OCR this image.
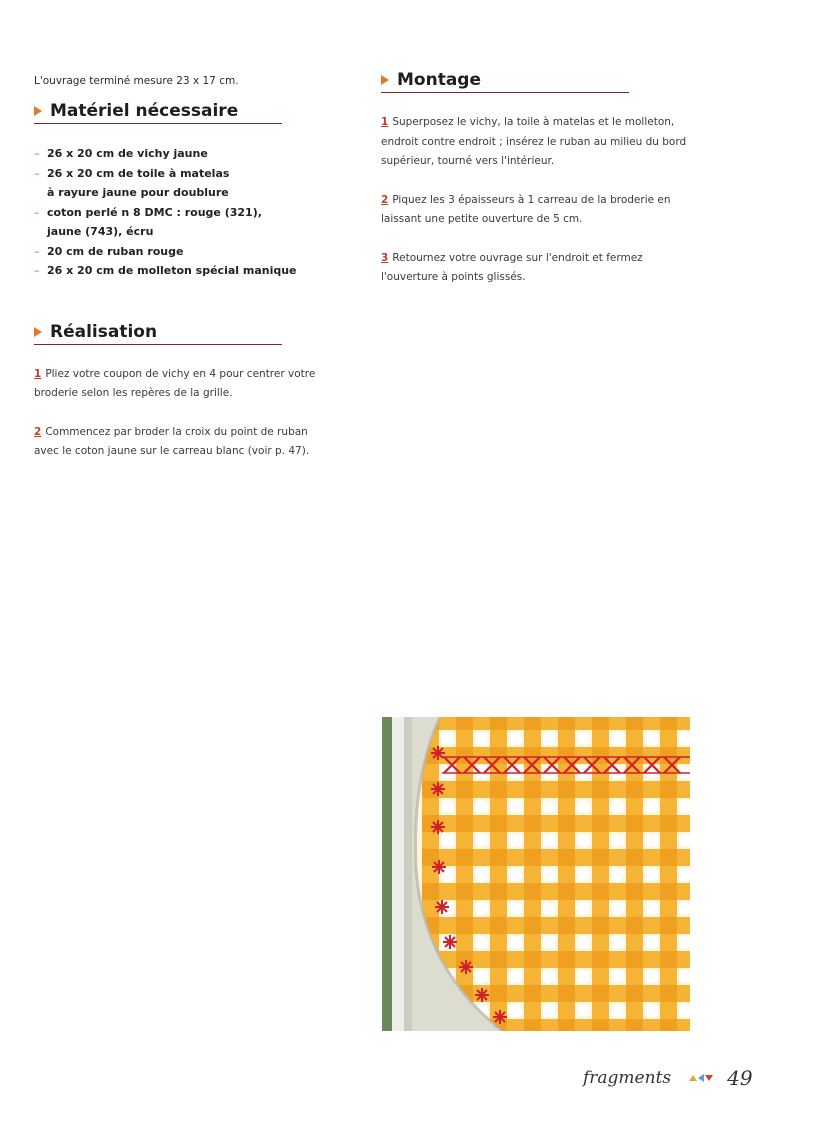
L'ouvrage terminé mesure 23 x 17 cm.

Matériel nécessaire
– 26 x 20 cm de vichy jaune
– 26 x 20 cm de toile à matelas
à rayure jaune pour doublure
– coton perlé n 8 DMC : rouge (321),
jaune (743), écru
– 20 cm de ruban rouge
– 26 x 20 cm de molleton spécial manique
Réalisation

1 Pliez votre coupon de vichy en 4 pour centrer votre broderie selon les repères de la grille.

2 Commencez par broder la croix du point de ruban avec le coton jaune sur le carreau blanc (voir p. 47).

Montage

1 Superposez le vichy, la toile à matelas et le molleton, endroit contre endroit ; insérez le ruban au milieu du bord supérieur, tourné vers l'intérieur.

2 Piquez les 3 épaisseurs à 1 carreau de la broderie en laissant une petite ouverture de 5 cm.

3 Retournez votre ouvrage sur l'endroit et fermez l'ouverture à points glissés.

fragments	49
